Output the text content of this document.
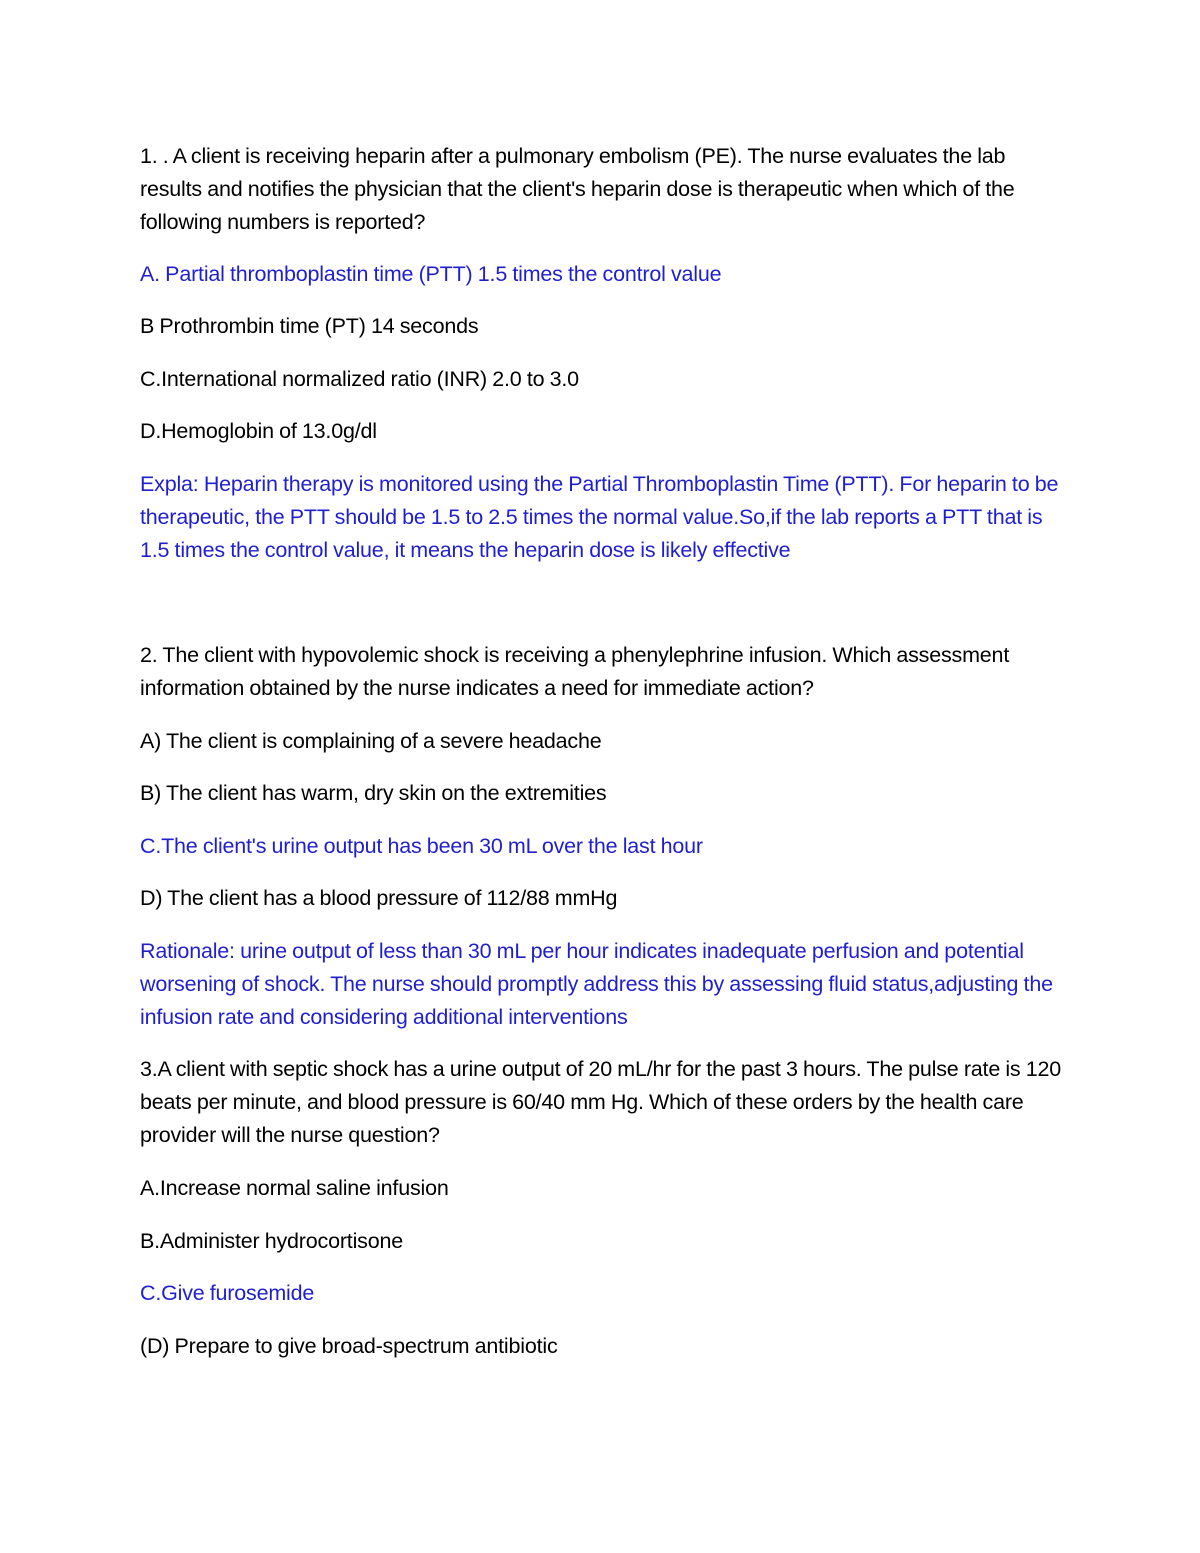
1. . A client is receiving heparin after a pulmonary embolism (PE). The nurse evaluates the lab results and notifies the physician that the client's heparin dose is therapeutic when which of the following numbers is reported?

A. Partial thromboplastin time (PTT) 1.5 times the control value

B Prothrombin time (PT) 14 seconds

C.International normalized ratio (INR) 2.0 to 3.0

D.Hemoglobin of 13.0g/dl

Expla: Heparin therapy is monitored using the Partial Thromboplastin Time (PTT). For heparin to be therapeutic, the PTT should be 1.5 to 2.5 times the normal value.So,if the lab reports a PTT that is 1.5 times the control value, it means the heparin dose is likely effective

2. The client with hypovolemic shock is receiving a phenylephrine infusion. Which assessment information obtained by the nurse indicates a need for immediate action?

A) The client is complaining of a severe headache

B) The client has warm, dry skin on the extremities

C.The client's urine output has been 30 mL over the last hour

D) The client has a blood pressure of 112/88 mmHg

Rationale: urine output of less than 30 mL per hour indicates inadequate perfusion and potential worsening of shock. The nurse should promptly address this by assessing fluid status,adjusting the infusion rate and considering additional interventions

3.A client with septic shock has a urine output of 20 mL/hr for the past 3 hours. The pulse rate is 120 beats per minute, and blood pressure is 60/40 mm Hg. Which of these orders by the health care provider will the nurse question?

A.Increase normal saline infusion

B.Administer hydrocortisone

C.Give furosemide

(D) Prepare to give broad-spectrum antibiotic
